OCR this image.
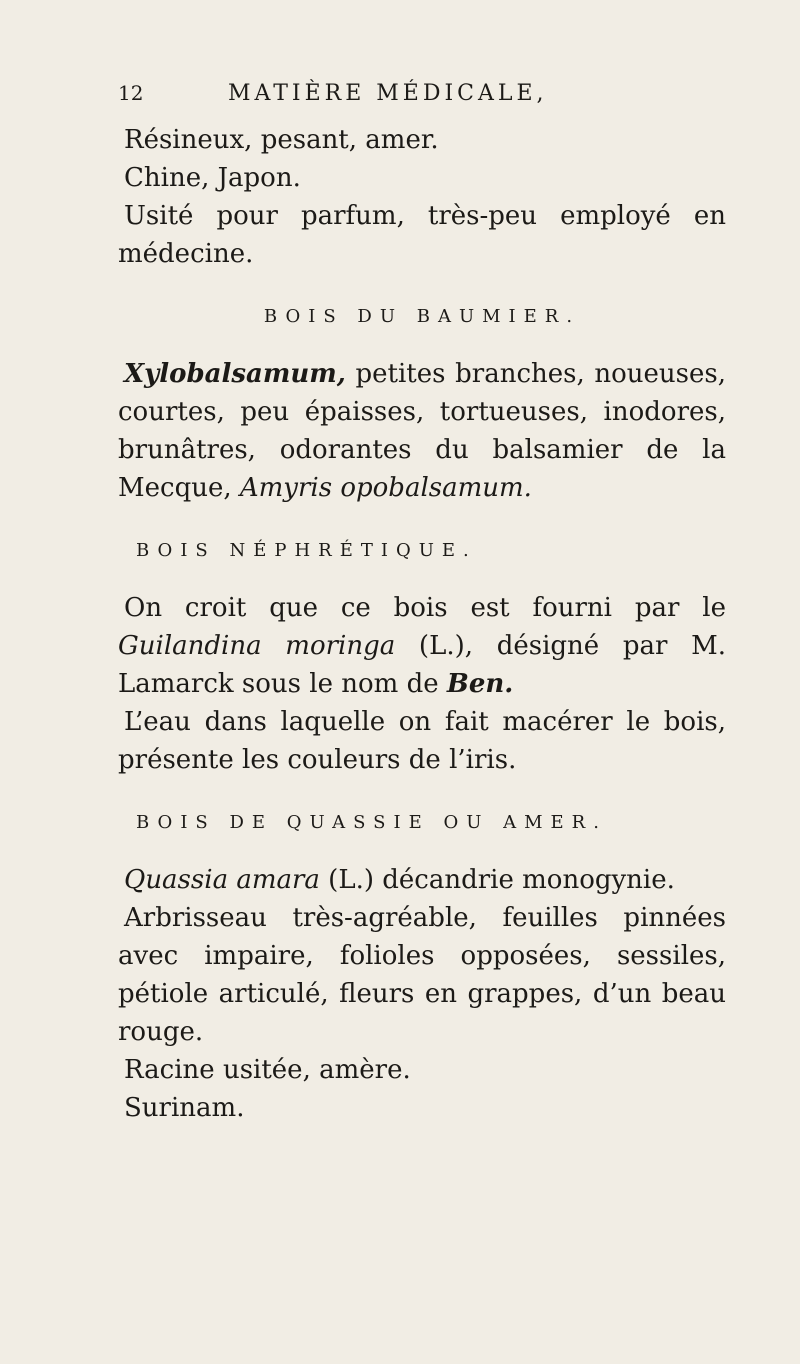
12	MATIÈRE MÉDICALE,

Résineux, pesant, amer.

Chine, Japon.

Usité pour parfum, très-peu employé en médecine.

BOIS DU BAUMIER.

Xylobalsamum, petites branches, noueuses, courtes, peu épaisses, tortueuses, inodores, brunâtres, odorantes du balsamier de la Mecque, Amyris opobalsamum.

BOIS NÉPHRÉTIQUE.

On croit que ce bois est fourni par le Guilandina moringa (L.), désigné par M. Lamarck sous le nom de Ben.

L’eau dans laquelle on fait macérer le bois, présente les couleurs de l’iris.

BOIS DE QUASSIE OU AMER.

Quassia amara (L.) décandrie monogynie.

Arbrisseau très-agréable, feuilles pinnées avec impaire, folioles opposées, sessiles, pétiole articulé, fleurs en grappes, d’un beau rouge.

Racine usitée, amère.

Surinam.
